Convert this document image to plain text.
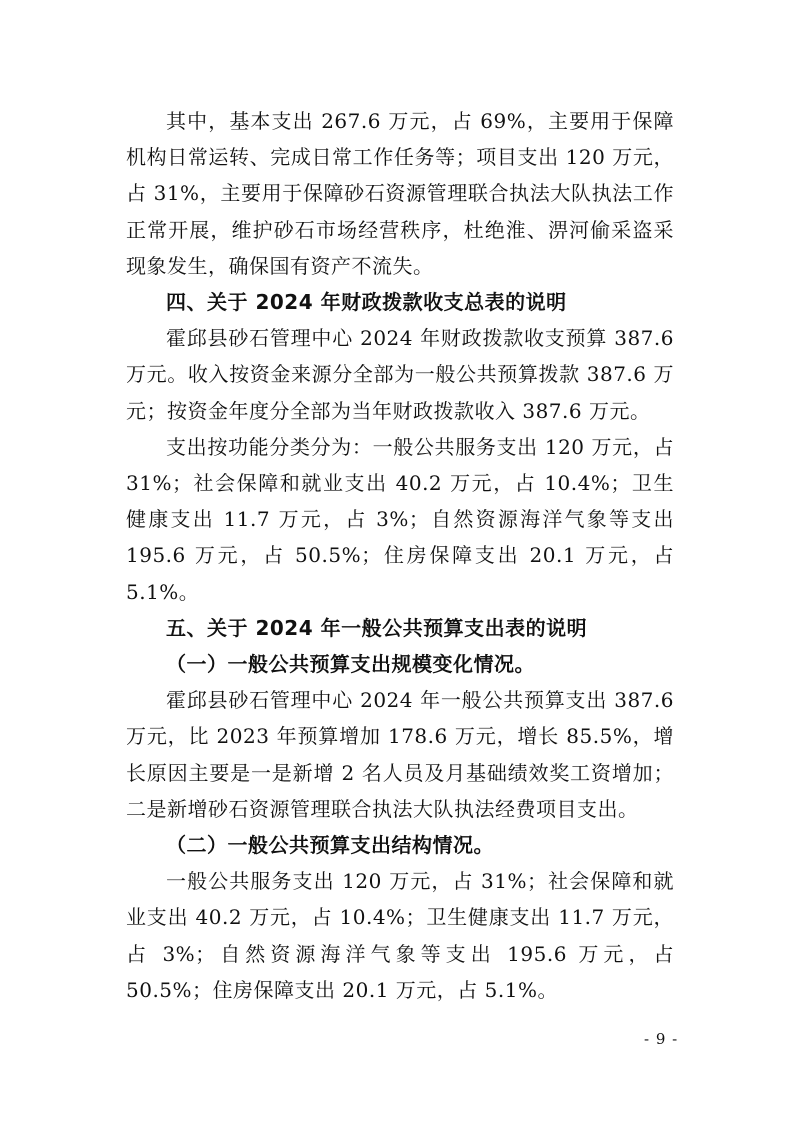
其中，基本支出 267.6 万元，占 69%，主要用于保障机构日常运转、完成日常工作任务等；项目支出 120 万元，占 31%，主要用于保障砂石资源管理联合执法大队执法工作正常开展，维护砂石市场经营秩序，杜绝淮、淠河偷采盗采现象发生，确保国有资产不流失。

四、关于 2024 年财政拨款收支总表的说明

霍邱县砂石管理中心 2024 年财政拨款收支预算 387.6 万元。收入按资金来源分全部为一般公共预算拨款 387.6 万元；按资金年度分全部为当年财政拨款收入 387.6 万元。

支出按功能分类分为：一般公共服务支出 120 万元，占 31%；社会保障和就业支出 40.2 万元，占 10.4%；卫生健康支出 11.7 万元，占 3%；自然资源海洋气象等支出 195.6 万元，占 50.5%；住房保障支出 20.1 万元，占 5.1%。

五、关于 2024 年一般公共预算支出表的说明

（一）一般公共预算支出规模变化情况。

霍邱县砂石管理中心 2024 年一般公共预算支出 387.6 万元，比 2023 年预算增加 178.6 万元，增长 85.5%，增长原因主要是一是新增 2 名人员及月基础绩效奖工资增加；二是新增砂石资源管理联合执法大队执法经费项目支出。

（二）一般公共预算支出结构情况。

一般公共服务支出 120 万元，占 31%；社会保障和就业支出 40.2 万元，占 10.4%；卫生健康支出 11.7 万元，占 3%；自然资源海洋气象等支出 195.6 万元，占 50.5%；住房保障支出 20.1 万元，占 5.1%。

- 9 -
